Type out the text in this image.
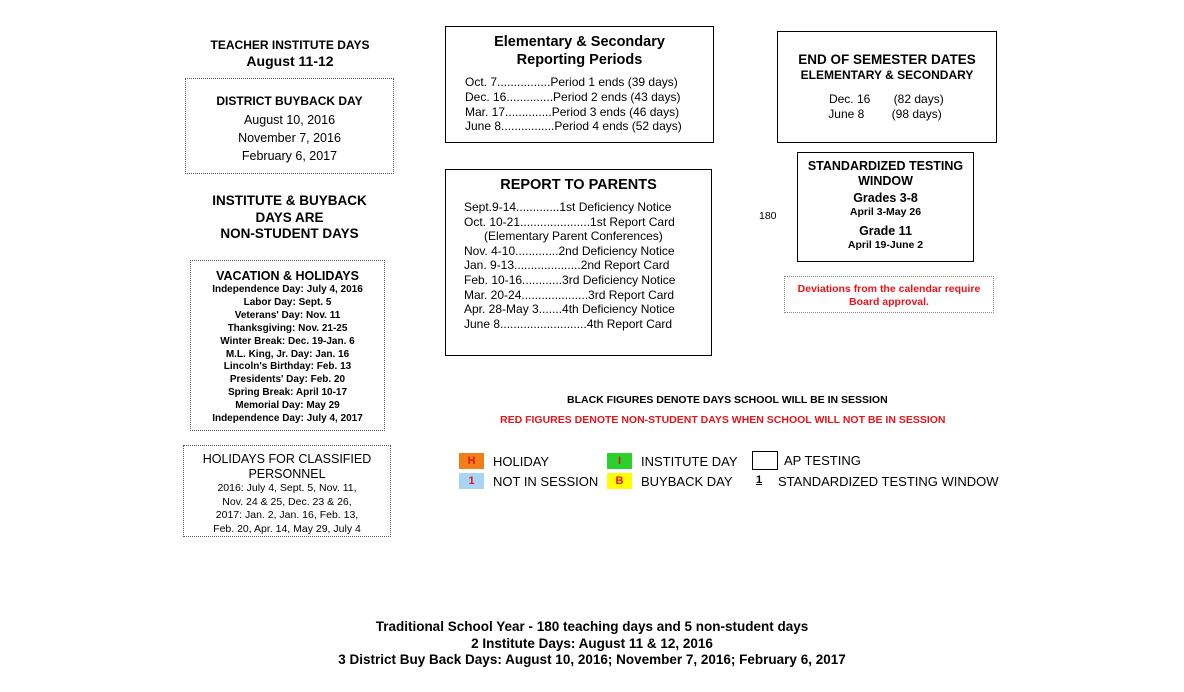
TEACHER INSTITUTE DAYS
August 11-12
DISTRICT BUYBACK DAY
August 10, 2016
November 7, 2016
February 6, 2017
INSTITUTE & BUYBACK
DAYS ARE
NON-STUDENT DAYS
VACATION & HOLIDAYS
Independence Day: July 4, 2016
Labor Day: Sept. 5
Veterans' Day: Nov. 11
Thanksgiving: Nov. 21-25
Winter Break: Dec. 19-Jan. 6
M.L. King, Jr. Day: Jan. 16
Lincoln's Birthday: Feb. 13
Presidents' Day: Feb. 20
Spring Break: April 10-17
Memorial Day: May 29
Independence Day: July 4, 2017
HOLIDAYS FOR CLASSIFIED
PERSONNEL
2016: July 4, Sept. 5, Nov. 11,
Nov. 24 & 25, Dec. 23 & 26,
2017: Jan. 2, Jan. 16, Feb. 13,
Feb. 20, Apr. 14, May 29, July 4
Elementary & Secondary
Reporting Periods
Oct. 7................Period 1 ends (39 days)
Dec. 16..............Period 2 ends (43 days)
Mar. 17..............Period 3 ends (46 days)
June 8................Period 4 ends (52 days)
REPORT TO PARENTS
Sept.9-14.............1st Deficiency Notice
Oct. 10-21.....................1st Report Card
(Elementary Parent Conferences)
Nov. 4-10.............2nd Deficiency Notice
Jan. 9-13....................2nd Report Card
Feb. 10-16............3rd Deficiency Notice
Mar. 20-24....................3rd Report Card
Apr. 28-May 3.......4th Deficiency Notice
June 8..........................4th Report Card
END OF SEMESTER DATES
ELEMENTARY & SECONDARY
Dec. 16 (82 days)
June 8 (98 days)
180
STANDARDIZED TESTING
WINDOW
Grades 3-8
April 3-May 26
Grade 11
April 19-June 2
Deviations from the calendar require
Board approval.
BLACK FIGURES DENOTE DAYS SCHOOL WILL BE IN SESSION
RED FIGURES DENOTE NON-STUDENT DAYS WHEN SCHOOL WILL NOT BE IN SESSION
H	HOLIDAY
1	NOT IN SESSION
I	INSTITUTE DAY
B	BUYBACK DAY
AP TESTING
1 STANDARDIZED TESTING WINDOW
Traditional School Year - 180 teaching days and 5 non-student days
2 Institute Days: August 11 & 12, 2016
3 District Buy Back Days: August 10, 2016; November 7, 2016; February 6, 2017
